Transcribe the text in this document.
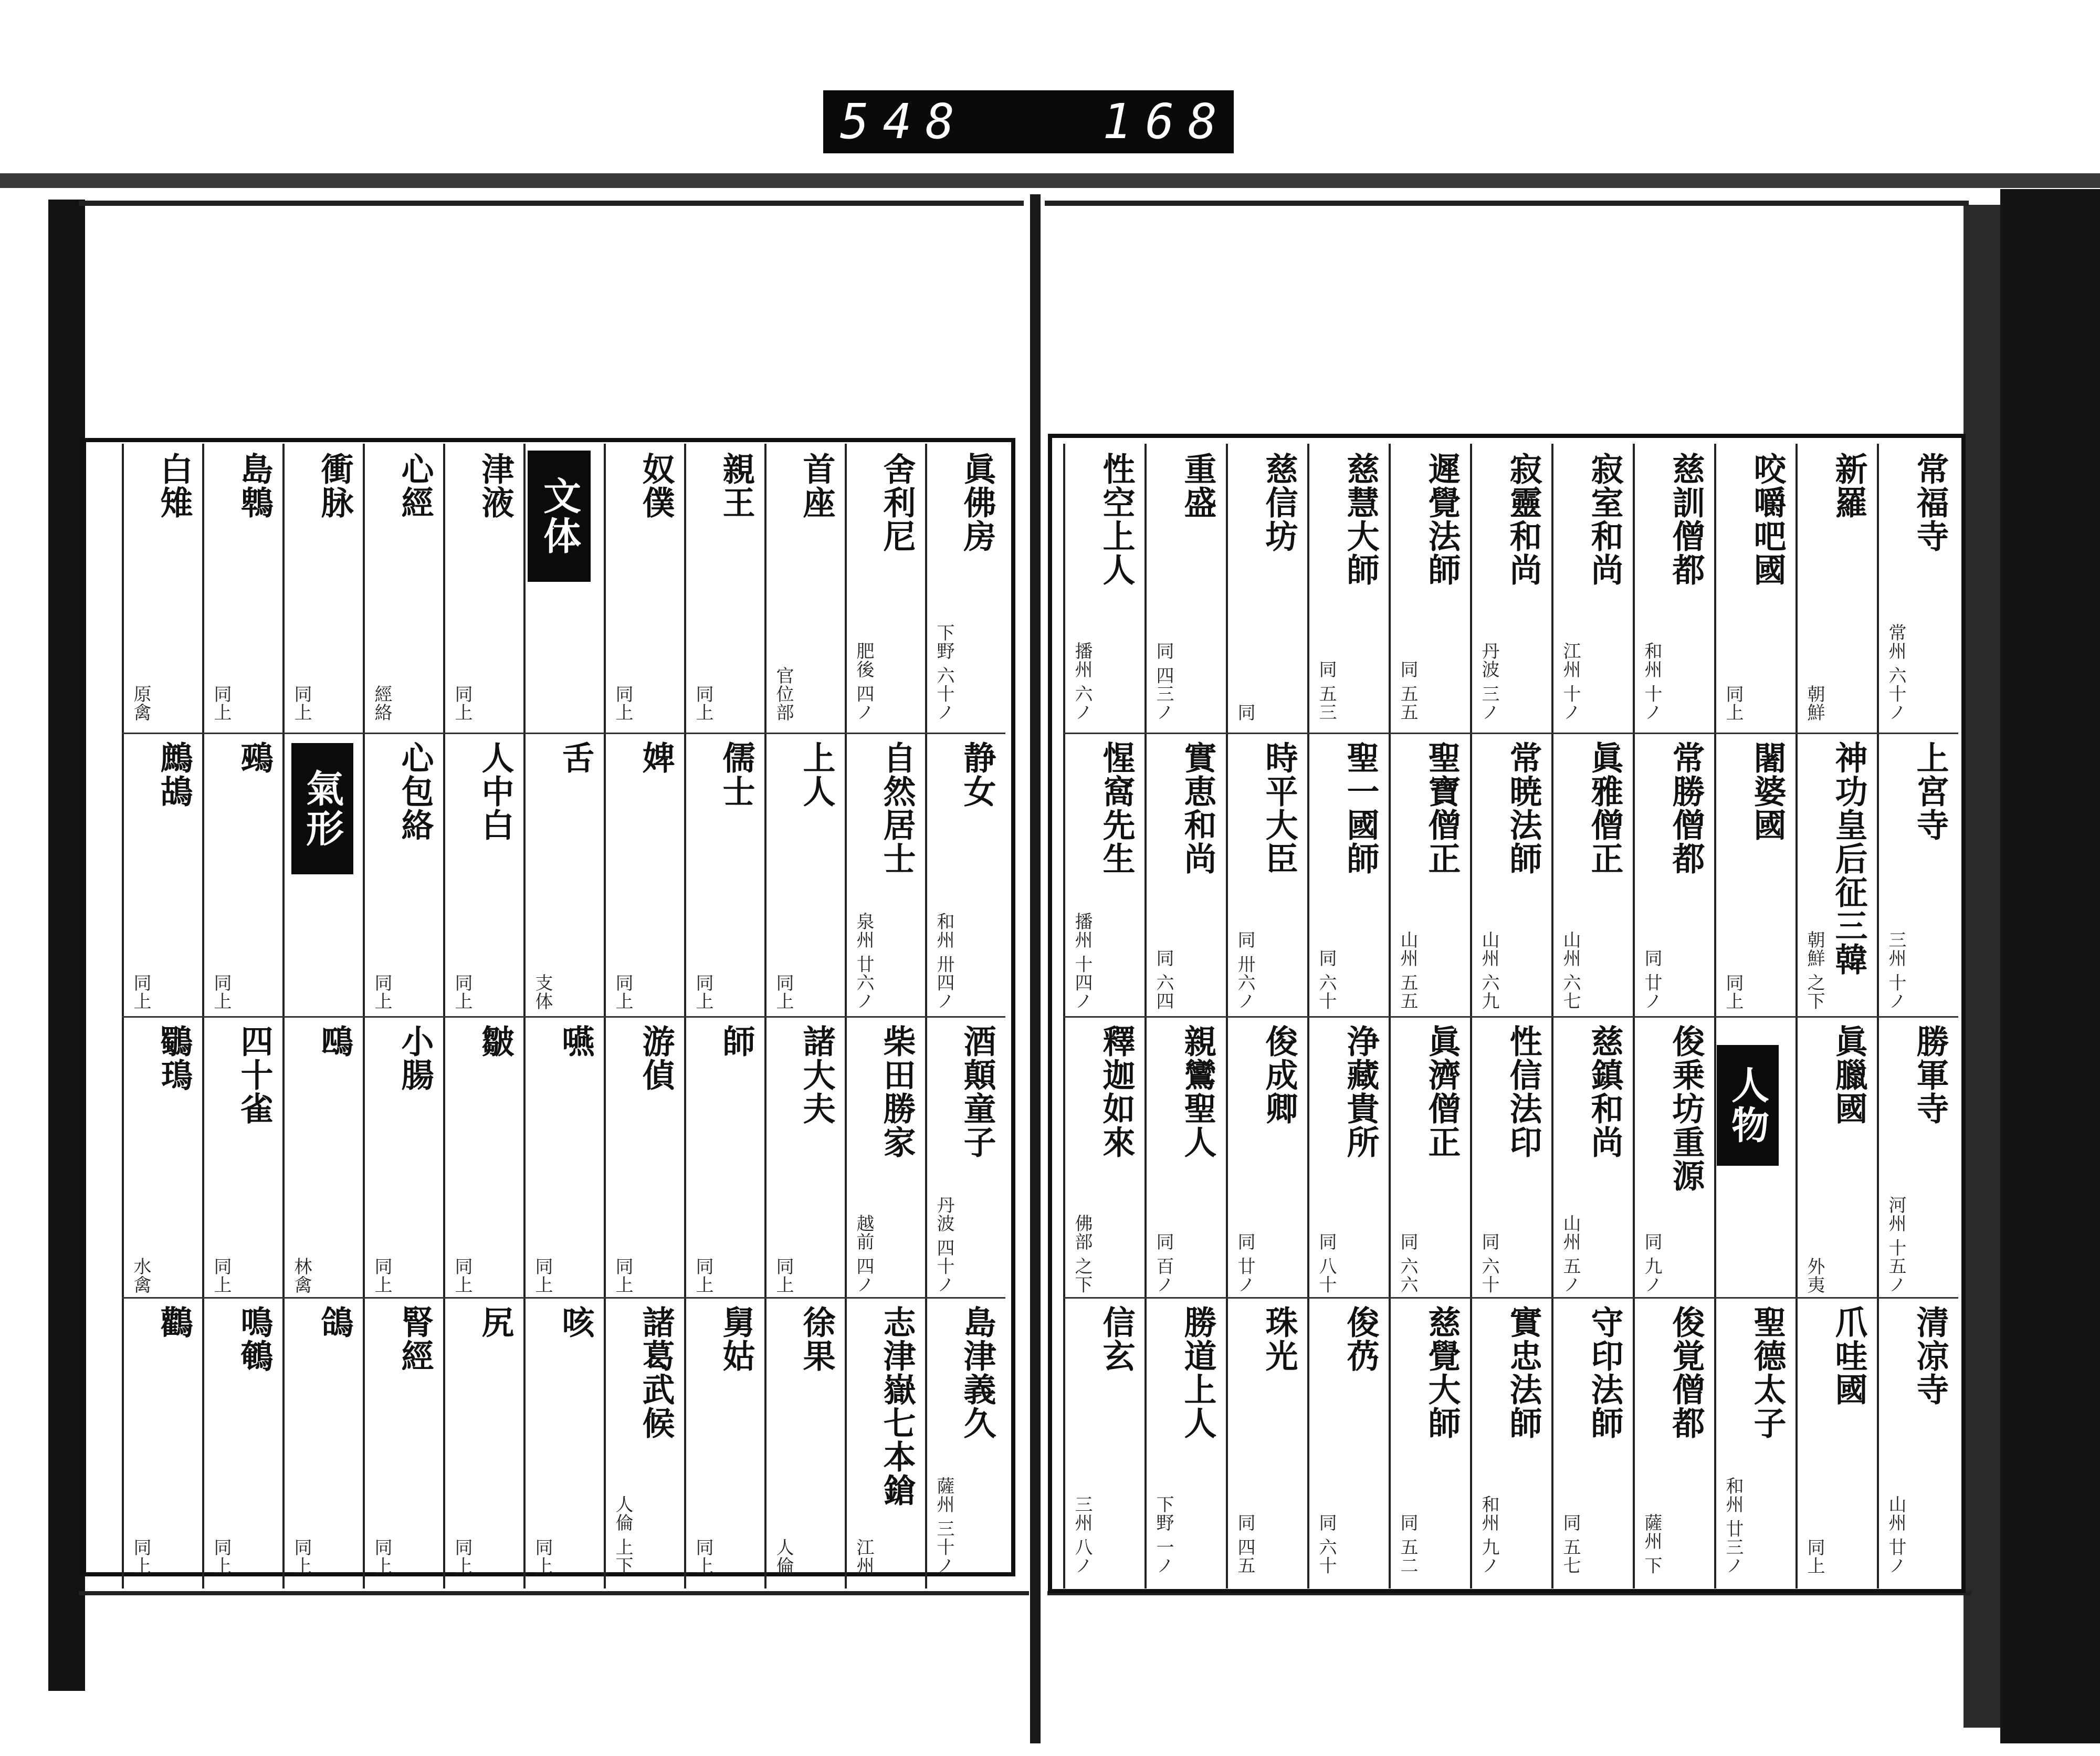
548	168
眞佛房
下野 六十ノ
静女
和州 卅四ノ
酒顛童子
丹波 四十ノ
島津義久
薩州 三十ノ
舍利尼
肥後 四ノ
自然居士
泉州 廿六ノ
柴田勝家
越前 四ノ
志津嶽七本鎗
江州
首座
官位部
上人
同上
諸大夫
同上
徐果
人倫
親王
同上
儒士
同上
師
同上
舅姑
同上
奴僕
同上
婢
同上
游偵
同上
諸葛武候
人倫 上下
舌
支体
嚥
同上
咳
同上
津液
同上
人中白
同上
皺
同上
尻
同上
心經
經絡
心包絡
同上
小腸
同上
腎經
同上
衝脉
同上
鴄
林禽
鴿
同上
島鵯
同上
鵐
同上
四十雀
同上
鳴鵪
同上
白雉
原禽
鷓鴣
同上
鸀鳿
水禽
鸛
同上
常福寺
常州 六十ノ
上宮寺
三州 十ノ
勝軍寺
河州 十五ノ
清凉寺
山州 廿ノ
新羅
朝鮮
神功皇后征三韓
朝鮮 之下
眞臘國
外夷
爪哇國
同上
咬嚼吧國
同上
闍婆國
同上
聖德太子
和州 廿三ノ
慈訓僧都
和州 十ノ
常勝僧都
同 廿ノ
俊乗坊重源
同 九ノ
俊覚僧都
薩州 下
寂室和尚
江州 十ノ
眞雅僧正
山州 六七
慈鎮和尚
山州 五ノ
守印法師
同 五七
寂靈和尚
丹波 三ノ
常暁法師
山州 六九
性信法印
同 六十
實忠法師
和州 九ノ
遲覺法師
同 五五
聖寶僧正
山州 五五
眞濟僧正
同 六六
慈覺大師
同 五二
慈慧大師
同 五三
聖一國師
同 六十
浄藏貴所
同 八十
俊芿
同 六十
慈信坊
同
時平大臣
同 卅六ノ
俊成卿
同 廿ノ
珠光
同 四五
重盛
同 四三ノ
實恵和尚
同 六四
親鸞聖人
同 百ノ
勝道上人
下野 一ノ
性空上人
播州 六ノ
惺窩先生
播州 十四ノ
釋迦如來
佛部 之下
信玄
三州 八ノ
文体
氣形
人物
